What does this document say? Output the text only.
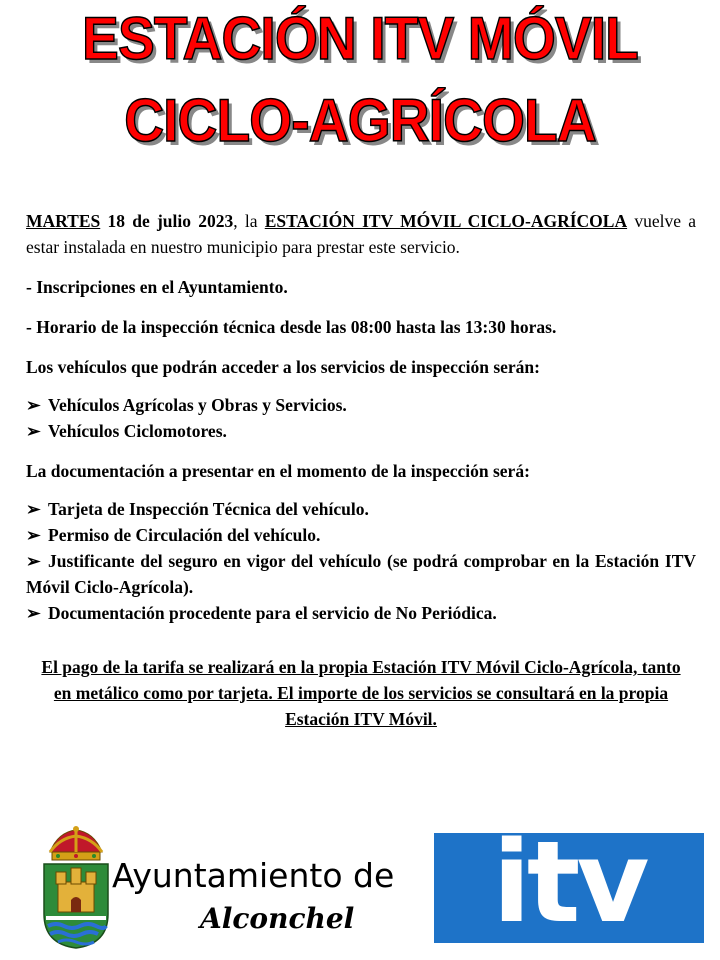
ESTACIÓN ITV MÓVIL
CICLO-AGRÍCOLA

MARTES 18 de julio 2023, la ESTACIÓN ITV MÓVIL CICLO-AGRÍCOLA vuelve a estar instalada en nuestro municipio para prestar este servicio.

- Inscripciones en el Ayuntamiento.

- Horario de la inspección técnica desde las 08:00 hasta las 13:30 horas.

Los vehículos que podrán acceder a los servicios de inspección serán:

➢ Vehículos Agrícolas y Obras y Servicios.
➢ Vehículos Ciclomotores.

La documentación a presentar en el momento de la inspección será:

➢ Tarjeta de Inspección Técnica del vehículo.
➢ Permiso de Circulación del vehículo.
➢ Justificante del seguro en vigor del vehículo (se podrá comprobar en la Estación ITV Móvil Ciclo-Agrícola).
➢ Documentación procedente para el servicio de No Periódica.

El pago de la tarifa se realizará en la propia Estación ITV Móvil Ciclo-Agrícola, tanto en metálico como por tarjeta. El importe de los servicios se consultará en la propia Estación ITV Móvil.

Ayuntamiento de
Alconchel itv
